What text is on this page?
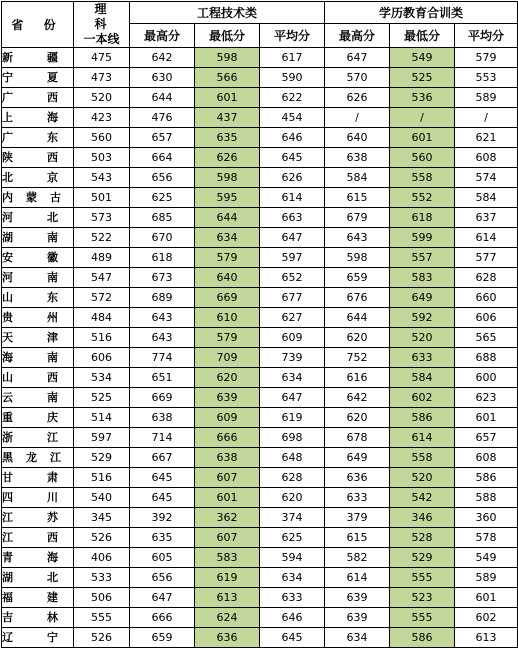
省 份	理 科
一本线	工程技术类			学历教育合训类		
		最高分	最低分	平均分	最高分	最低分	平均分
新疆	475	642	598	617	647	549	579
宁夏	473	630	566	590	570	525	553
广西	520	644	601	622	626	536	589
上海	423	476	437	454	/	/	/
广东	560	657	635	646	640	601	621
陕西	503	664	626	645	638	560	608
北京	543	656	598	626	584	558	574
内蒙古	501	625	595	614	615	552	584
河北	573	685	644	663	679	618	637
湖南	522	670	634	647	643	599	614
安徽	489	618	579	597	598	557	577
河南	547	673	640	652	659	583	628
山东	572	689	669	677	676	649	660
贵州	484	643	610	627	644	592	606
天津	516	643	579	609	620	520	565
海南	606	774	709	739	752	633	688
山西	534	651	620	634	616	584	600
云南	525	669	639	647	642	602	623
重庆	514	638	609	619	620	586	601
浙江	597	714	666	698	678	614	657
黑龙江	529	667	638	648	649	558	608
甘肃	516	645	607	628	636	520	586
四川	540	645	601	620	633	542	588
江苏	345	392	362	374	379	346	360
江西	526	635	607	625	615	528	578
青海	406	605	583	594	582	529	549
湖北	533	656	619	634	614	555	589
福建	506	647	613	633	639	523	601
吉林	555	666	624	646	639	555	602
辽宁	526	659	636	645	634	586	613
